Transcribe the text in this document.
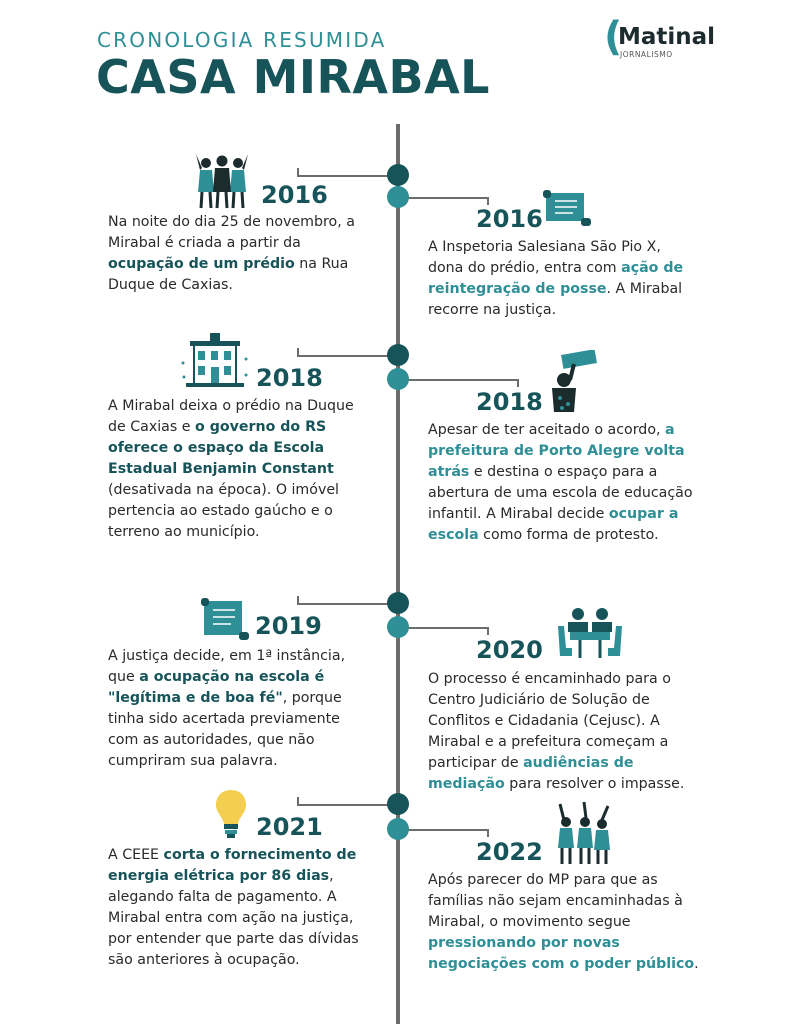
CRONOLOGIA RESUMIDA
CASA MIRABAL
(
Matinal
JORNALISMO
2016
2016
2018
2018
2019
2020
2021
2022
Na noite do dia 25 de novembro, a Mirabal é criada a partir da ocupação de um prédio na Rua Duque de Caxias.
A Inspetoria Salesiana São Pio X, dona do prédio, entra com ação de reintegração de posse. A Mirabal recorre na justiça.
A Mirabal deixa o prédio na Duque de Caxias e o governo do RS oferece o espaço da Escola Estadual Benjamin Constant (desativada na época). O imóvel pertencia ao estado gaúcho e o terreno ao município.
Apesar de ter aceitado o acordo, a prefeitura de Porto Alegre volta atrás e destina o espaço para a abertura de uma escola de educação infantil. A Mirabal decide ocupar a escola como forma de protesto.
A justiça decide, em 1ª instância, que a ocupação na escola é "legítima e de boa fé", porque tinha sido acertada previamente com as autoridades, que não cumpriram sua palavra.
O processo é encaminhado para o Centro Judiciário de Solução de Conflitos e Cidadania (Cejusc). A Mirabal e a prefeitura começam a participar de audiências de mediação para resolver o impasse.
A CEEE corta o fornecimento de energia elétrica por 86 dias, alegando falta de pagamento. A Mirabal entra com ação na justiça, por entender que parte das dívidas são anteriores à ocupação.
Após parecer do MP para que as famílias não sejam encaminhadas à Mirabal, o movimento segue pressionando por novas negociações com o poder público.
